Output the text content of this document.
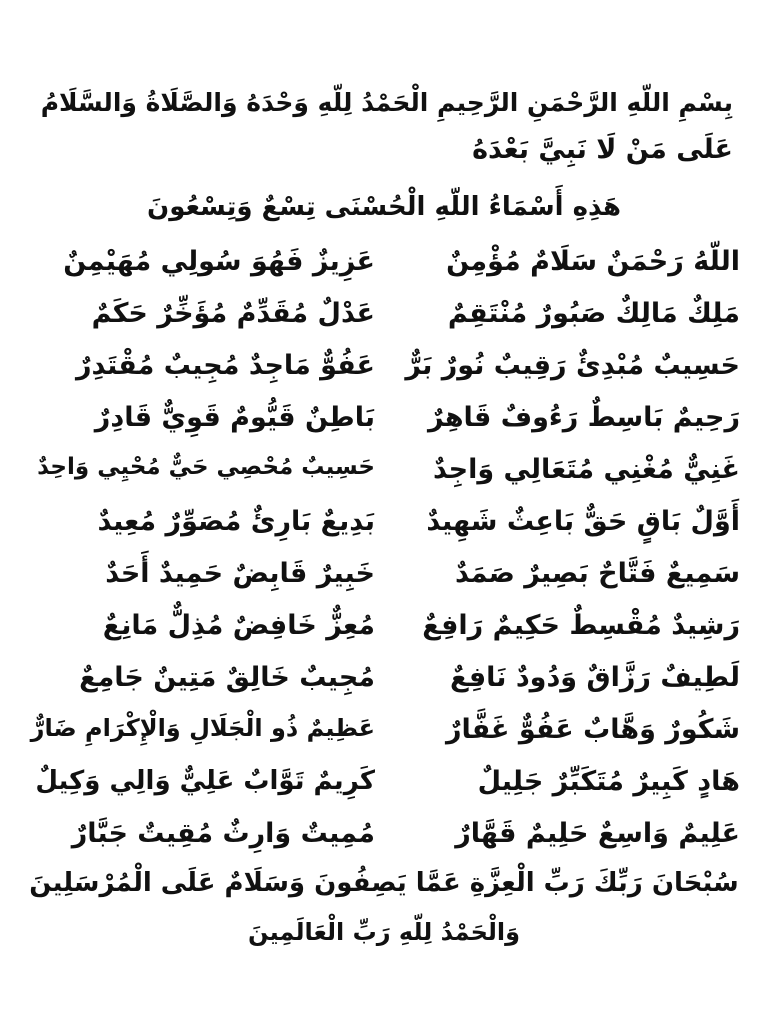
بِسْمِ اللّهِ الرَّحْمَنِ الرَّحِيمِ الْحَمْدُ لِلّهِ وَحْدَهُ وَالصَّلَاةُ وَالسَّلَامُ
عَلَى مَنْ لَا نَبِيَّ بَعْدَهُ
هَذِهِ أَسْمَاءُ اللّهِ الْحُسْنَى تِسْعٌ وَتِسْعُونَ
اللّهُ رَحْمَنٌ سَلَامٌ مُؤْمِنٌ
عَزِيزٌ فَهُوَ سُولِي مُهَيْمِنٌ
مَلِكٌ مَالِكٌ صَبُورٌ مُنْتَقِمٌ
عَدْلٌ مُقَدِّمٌ مُؤَخِّرٌ حَكَمٌ
حَسِيبٌ مُبْدِئٌ رَقِيبٌ نُورٌ بَرٌّ
عَفُوٌّ مَاجِدٌ مُجِيبٌ مُقْتَدِرٌ
رَحِيمٌ بَاسِطٌ رَءُوفٌ قَاهِرٌ
بَاطِنٌ قَيُّومٌ قَوِيٌّ قَادِرٌ
غَنِيٌّ مُغْنِي مُتَعَالِي وَاجِدٌ
حَسِيبٌ مُحْصِي حَيٌّ مُحْيِي وَاحِدٌ
أَوَّلٌ بَاقٍ حَقٌّ بَاعِثٌ شَهِيدٌ
بَدِيعٌ بَارِئٌ مُصَوِّرٌ مُعِيدٌ
سَمِيعٌ فَتَّاحٌ بَصِيرٌ صَمَدٌ
خَبِيرٌ قَابِضٌ حَمِيدٌ أَحَدٌ
رَشِيدٌ مُقْسِطٌ حَكِيمٌ رَافِعٌ
مُعِزٌّ خَافِضٌ مُذِلٌّ مَانِعٌ
لَطِيفٌ رَزَّاقٌ وَدُودٌ نَافِعٌ
مُجِيبٌ خَالِقٌ مَتِينٌ جَامِعٌ
شَكُورٌ وَهَّابٌ عَفُوٌّ غَفَّارٌ
عَظِيمٌ ذُو الْجَلَالِ وَالْإِكْرَامِ ضَارٌّ
هَادٍ كَبِيرٌ مُتَكَبِّرٌ جَلِيلٌ
كَرِيمٌ تَوَّابٌ عَلِيٌّ وَالِي وَكِيلٌ
عَلِيمٌ وَاسِعٌ حَلِيمٌ قَهَّارٌ
مُمِيتٌ وَارِثٌ مُقِيتٌ جَبَّارٌ
سُبْحَانَ رَبِّكَ رَبِّ الْعِزَّةِ عَمَّا يَصِفُونَ وَسَلَامٌ عَلَى الْمُرْسَلِينَ
وَالْحَمْدُ لِلّهِ رَبِّ الْعَالَمِينَ
